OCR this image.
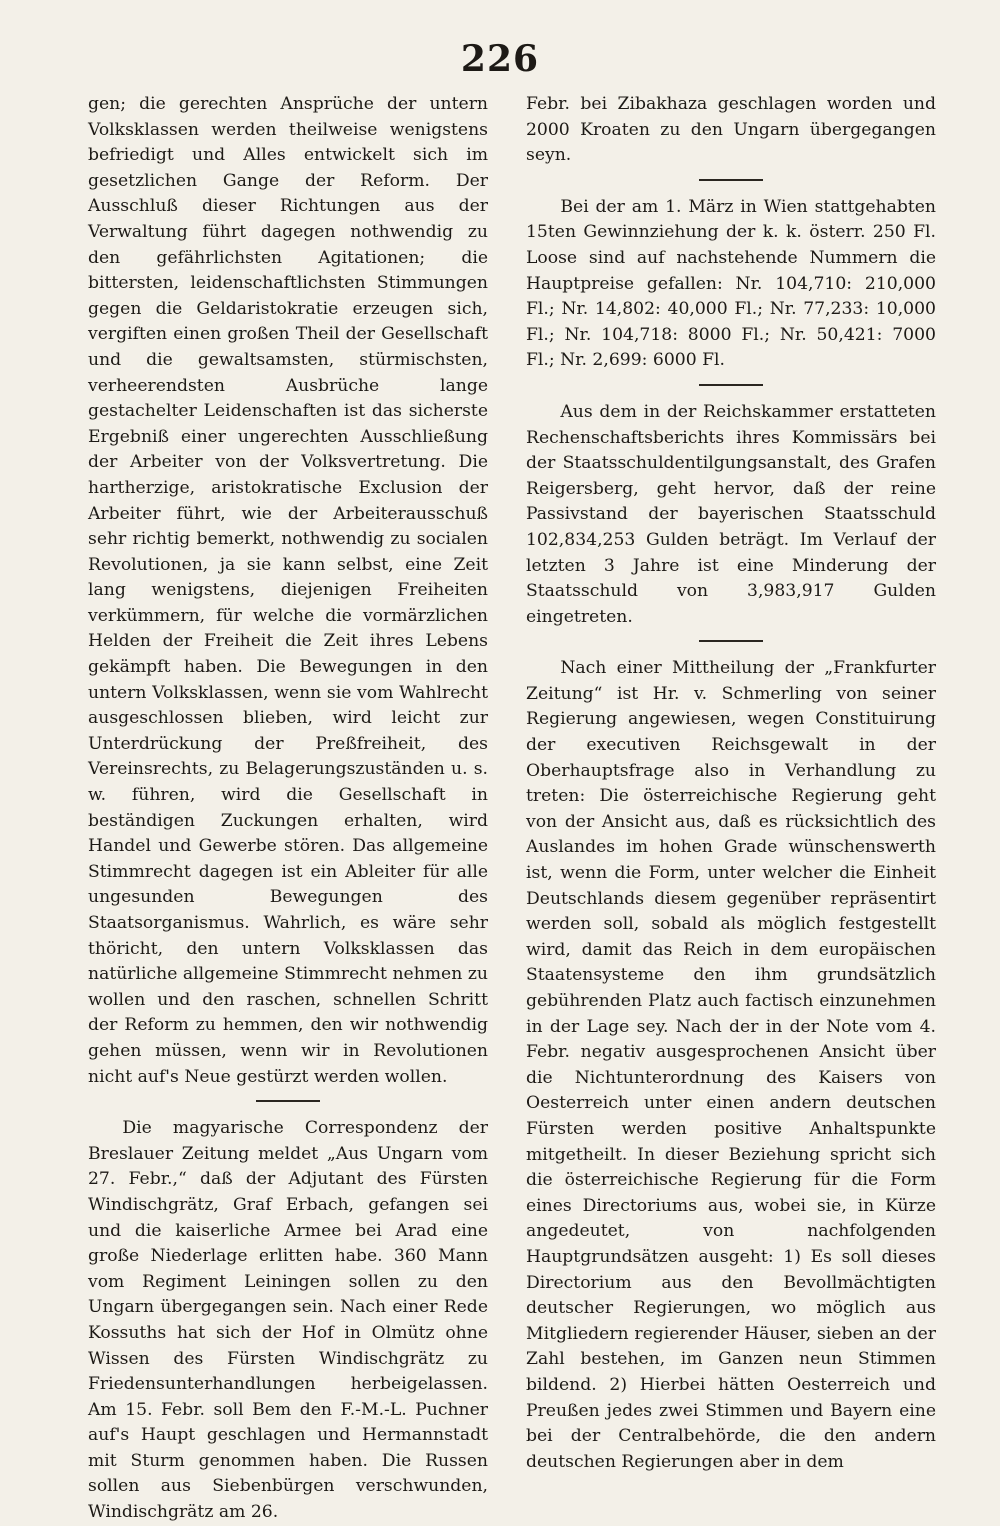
226

gen; die gerechten Ansprüche der untern Volksklassen werden theilweise wenigstens befriedigt und Alles entwickelt sich im gesetzlichen Gange der Reform. Der Ausschluß dieser Richtungen aus der Verwaltung führt dagegen nothwendig zu den gefährlichsten Agitationen; die bittersten, leidenschaftlichsten Stimmungen gegen die Geldaristokratie erzeugen sich, vergiften einen großen Theil der Gesellschaft und die gewaltsamsten, stürmischsten, verheerendsten Ausbrüche lange gestachelter Leidenschaften ist das sicherste Ergebniß einer ungerechten Ausschließung der Arbeiter von der Volksvertretung. Die hartherzige, aristokratische Exclusion der Arbeiter führt, wie der Arbeiterausschuß sehr richtig bemerkt, nothwendig zu socialen Revolutionen, ja sie kann selbst, eine Zeit lang wenigstens, diejenigen Freiheiten verkümmern, für welche die vormärzlichen Helden der Freiheit die Zeit ihres Lebens gekämpft haben. Die Bewegungen in den untern Volksklassen, wenn sie vom Wahlrecht ausgeschlossen blieben, wird leicht zur Unterdrückung der Preßfreiheit, des Vereinsrechts, zu Belagerungszuständen u. s. w. führen, wird die Gesellschaft in beständigen Zuckungen erhalten, wird Handel und Gewerbe stören. Das allgemeine Stimmrecht dagegen ist ein Ableiter für alle ungesunden Bewegungen des Staatsorganismus. Wahrlich, es wäre sehr thöricht, den untern Volksklassen das natürliche allgemeine Stimmrecht nehmen zu wollen und den raschen, schnellen Schritt der Reform zu hemmen, den wir nothwendig gehen müssen, wenn wir in Revolutionen nicht auf's Neue gestürzt werden wollen.

Die magyarische Correspondenz der Breslauer Zeitung meldet „Aus Ungarn vom 27. Febr.,“ daß der Adjutant des Fürsten Windischgrätz, Graf Erbach, gefangen sei und die kaiserliche Armee bei Arad eine große Niederlage erlitten habe. 360 Mann vom Regiment Leiningen sollen zu den Ungarn übergegangen sein. Nach einer Rede Kossuths hat sich der Hof in Olmütz ohne Wissen des Fürsten Windischgrätz zu Friedensunterhandlungen herbeigelassen. Am 15. Febr. soll Bem den F.-M.-L. Puchner auf's Haupt geschlagen und Hermannstadt mit Sturm genommen haben. Die Russen sollen aus Siebenbürgen verschwunden, Windischgrätz am 26.

Febr. bei Zibakhaza geschlagen worden und 2000 Kroaten zu den Ungarn übergegangen seyn.

Bei der am 1. März in Wien stattgehabten 15ten Gewinnziehung der k. k. österr. 250 Fl. Loose sind auf nachstehende Nummern die Hauptpreise gefallen: Nr. 104,710: 210,000 Fl.; Nr. 14,802: 40,000 Fl.; Nr. 77,233: 10,000 Fl.; Nr. 104,718: 8000 Fl.; Nr. 50,421: 7000 Fl.; Nr. 2,699: 6000 Fl.

Aus dem in der Reichskammer erstatteten Rechenschaftsberichts ihres Kommissärs bei der Staatsschuldentilgungsanstalt, des Grafen Reigersberg, geht hervor, daß der reine Passivstand der bayerischen Staatsschuld 102,834,253 Gulden beträgt. Im Verlauf der letzten 3 Jahre ist eine Minderung der Staatsschuld von 3,983,917 Gulden eingetreten.

Nach einer Mittheilung der „Frankfurter Zeitung“ ist Hr. v. Schmerling von seiner Regierung angewiesen, wegen Constituirung der executiven Reichsgewalt in der Oberhauptsfrage also in Verhandlung zu treten: Die österreichische Regierung geht von der Ansicht aus, daß es rücksichtlich des Auslandes im hohen Grade wünschenswerth ist, wenn die Form, unter welcher die Einheit Deutschlands diesem gegenüber repräsentirt werden soll, sobald als möglich festgestellt wird, damit das Reich in dem europäischen Staatensysteme den ihm grundsätzlich gebührenden Platz auch factisch einzunehmen in der Lage sey. Nach der in der Note vom 4. Febr. negativ ausgesprochenen Ansicht über die Nichtunterordnung des Kaisers von Oesterreich unter einen andern deutschen Fürsten werden positive Anhaltspunkte mitgetheilt. In dieser Beziehung spricht sich die österreichische Regierung für die Form eines Directoriums aus, wobei sie, in Kürze angedeutet, von nachfolgenden Hauptgrundsätzen ausgeht: 1) Es soll dieses Directorium aus den Bevollmächtigten deutscher Regierungen, wo möglich aus Mitgliedern regierender Häuser, sieben an der Zahl bestehen, im Ganzen neun Stimmen bildend. 2) Hierbei hätten Oesterreich und Preußen jedes zwei Stimmen und Bayern eine bei der Centralbehörde, die den andern deutschen Regierungen aber in dem
